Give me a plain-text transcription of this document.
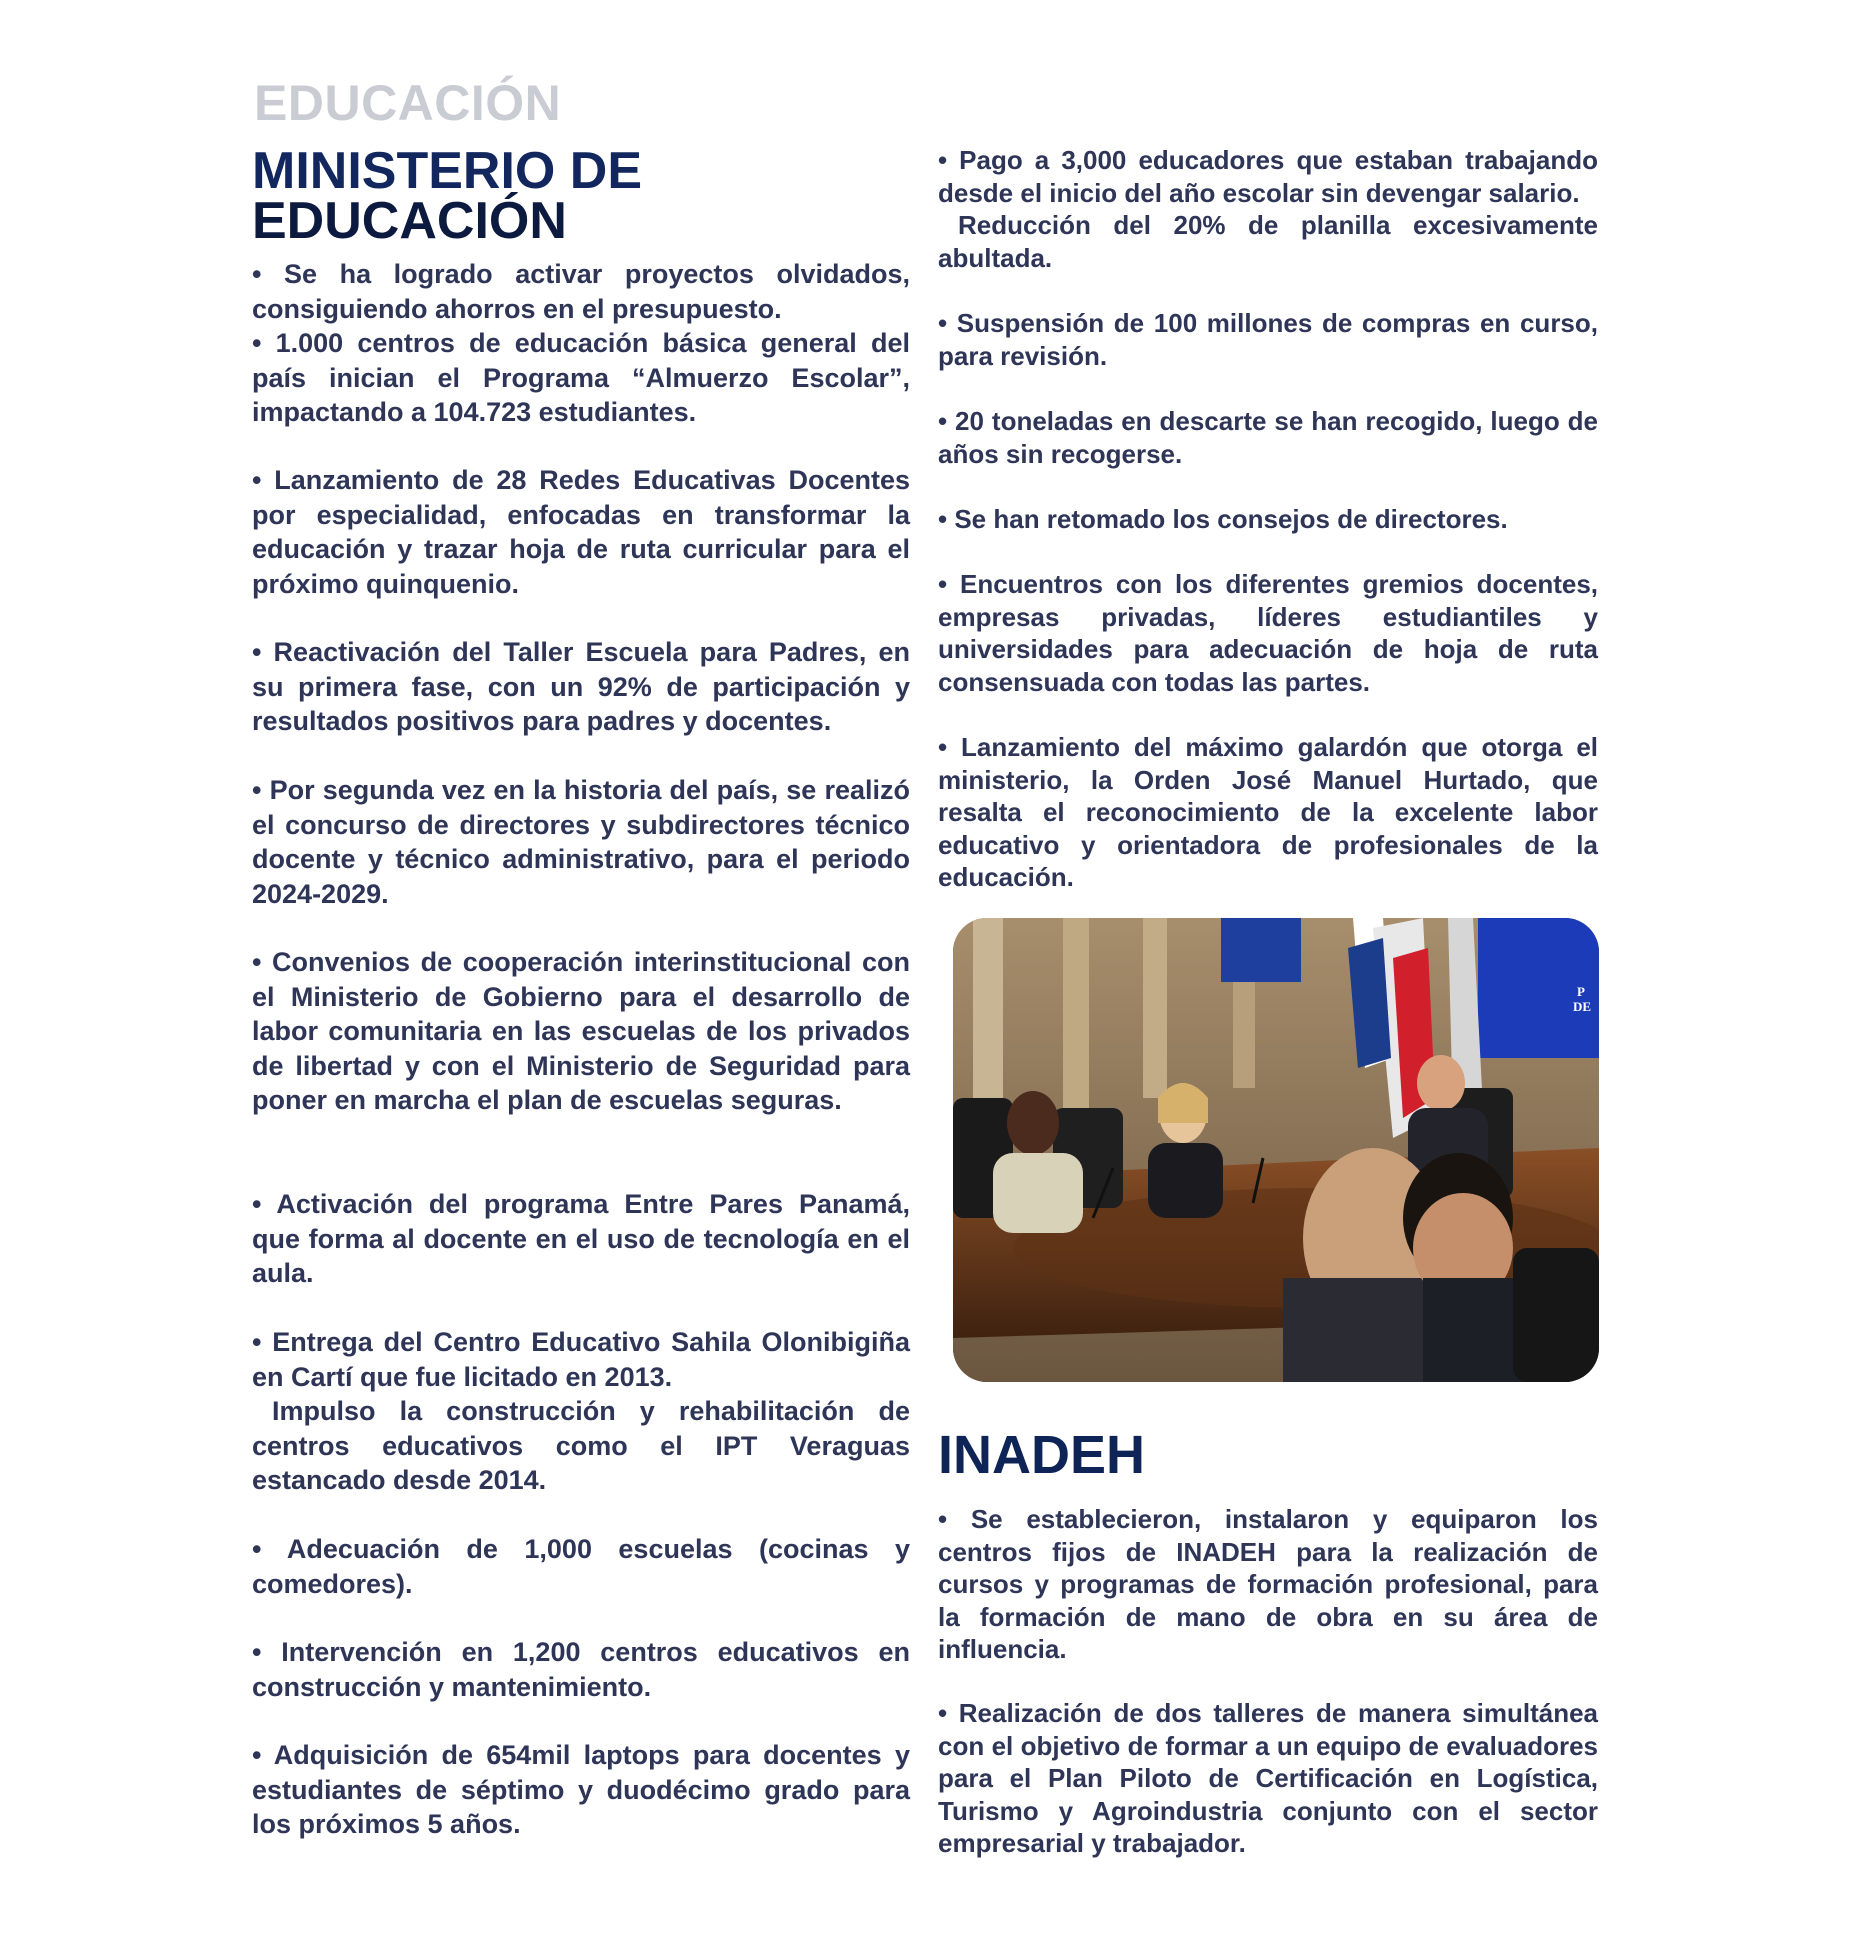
EDUCACIÓN
MINISTERIO DE
EDUCACIÓN

• Se ha logrado activar proyectos olvidados, consiguiendo ahorros en el presupuesto.

• 1.000 centros de educación básica general del país inician el Programa “Almuerzo Escolar”, impactando a 104.723 estudiantes.

• Lanzamiento de 28 Redes Educativas Docentes por especialidad, enfocadas en transformar la educación y trazar hoja de ruta curricular para el próximo quinquenio.

• Reactivación del Taller Escuela para Padres, en su primera fase, con un 92% de participación y resultados positivos para padres y docentes.

• Por segunda vez en la historia del país, se realizó el concurso de directores y subdirectores técnico docente y técnico administrativo, para el periodo 2024-2029.

• Convenios de cooperación interinstitucional con el Ministerio de Gobierno para el desarrollo de labor comunitaria en las escuelas de los privados de libertad y con el Ministerio de Seguridad para poner en marcha el plan de escuelas seguras.

• Activación del programa Entre Pares Panamá, que forma al docente en el uso de tecnología en el aula.

• Entrega del Centro Educativo Sahila Olonibigiña en Cartí que fue licitado en 2013.

Impulso la construcción y rehabilitación de centros educativos como el IPT Veraguas estancado desde 2014.

• Adecuación de 1,000 escuelas (cocinas y comedores).

• Intervención en 1,200 centros educativos en construcción y mantenimiento.

• Adquisición de 654mil laptops para docentes y estudiantes de séptimo y duodécimo grado para los próximos 5 años.

• Pago a 3,000 educadores que estaban trabajando desde el inicio del año escolar sin devengar salario.

Reducción del 20% de planilla excesivamente abultada.

• Suspensión de 100 millones de compras en curso, para revisión.

• 20 toneladas en descarte se han recogido, luego de años sin recogerse.

• Se han retomado los consejos de directores.

• Encuentros con los diferentes gremios docentes, empresas privadas, líderes estudiantiles y universidades para adecuación de hoja de ruta consensuada con todas las partes.

• Lanzamiento del máximo galardón que otorga el ministerio, la Orden José Manuel Hurtado, que resalta el reconocimiento de la excelente labor educativo y orientadora de profesionales de la educación.

P
DE
INADEH

• Se establecieron, instalaron y equiparon los centros fijos de INADEH para la realización de cursos y programas de formación profesional, para la formación de mano de obra en su área de influencia.

• Realización de dos talleres de manera simultánea con el objetivo de formar a un equipo de evaluadores para el Plan Piloto de Certificación en Logística, Turismo y Agroindustria conjunto con el sector empresarial y trabajador.
